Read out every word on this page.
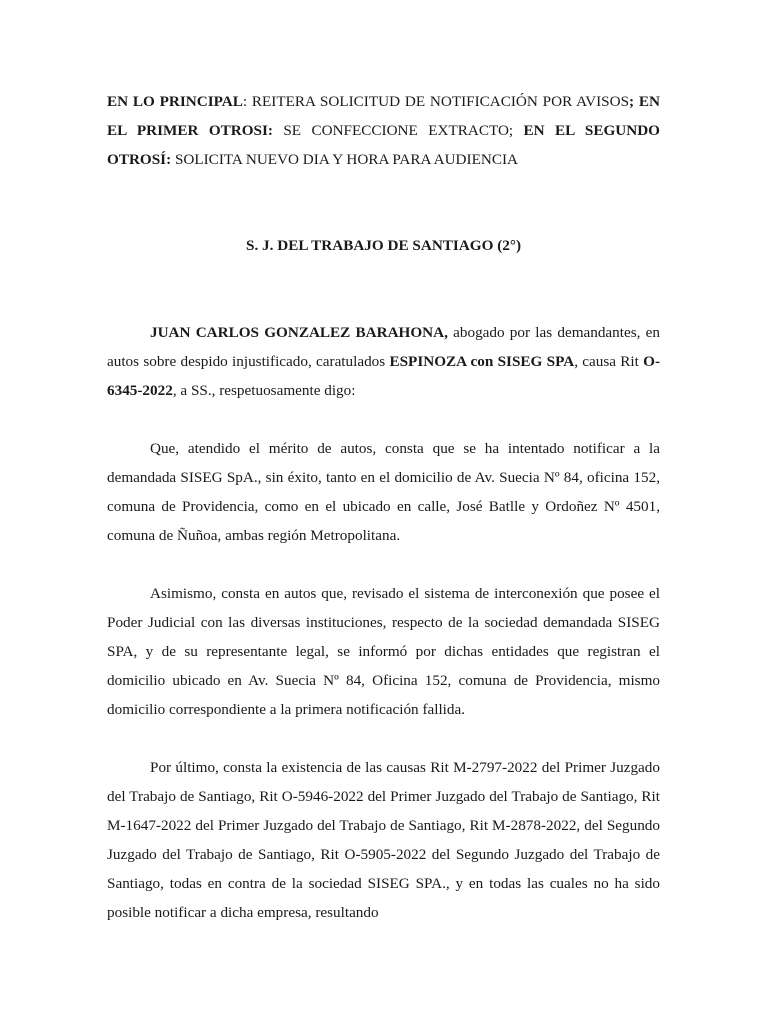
EN LO PRINCIPAL: REITERA SOLICITUD DE NOTIFICACIÓN POR AVISOS; EN EL PRIMER OTROSI: SE CONFECCIONE EXTRACTO; EN EL SEGUNDO OTROSÍ: SOLICITA NUEVO DIA Y HORA PARA AUDIENCIA

S. J. DEL TRABAJO DE SANTIAGO (2°)

JUAN CARLOS GONZALEZ BARAHONA, abogado por las demandantes, en autos sobre despido injustificado, caratulados ESPINOZA con SISEG SPA, causa Rit O-6345-2022, a SS., respetuosamente digo:

Que, atendido el mérito de autos, consta que se ha intentado notificar a la demandada SISEG SpA., sin éxito, tanto en el domicilio de Av. Suecia Nº 84, oficina 152, comuna de Providencia, como en el ubicado en calle, José Batlle y Ordoñez Nº 4501, comuna de Ñuñoa, ambas región Metropolitana.

Asimismo, consta en autos que, revisado el sistema de interconexión que posee el Poder Judicial con las diversas instituciones, respecto de la sociedad demandada SISEG SPA, y de su representante legal, se informó por dichas entidades que registran el domicilio ubicado en Av. Suecia Nº 84, Oficina 152, comuna de Providencia, mismo domicilio correspondiente a la primera notificación fallida.

Por último, consta la existencia de las causas Rit M-2797-2022 del Primer Juzgado del Trabajo de Santiago, Rit O-5946-2022 del Primer Juzgado del Trabajo de Santiago, Rit M-1647-2022 del Primer Juzgado del Trabajo de Santiago, Rit M-2878-2022, del Segundo Juzgado del Trabajo de Santiago, Rit O-5905-2022 del Segundo Juzgado del Trabajo de Santiago, todas en contra de la sociedad SISEG SPA., y en todas las cuales no ha sido posible notificar a dicha empresa, resultando
